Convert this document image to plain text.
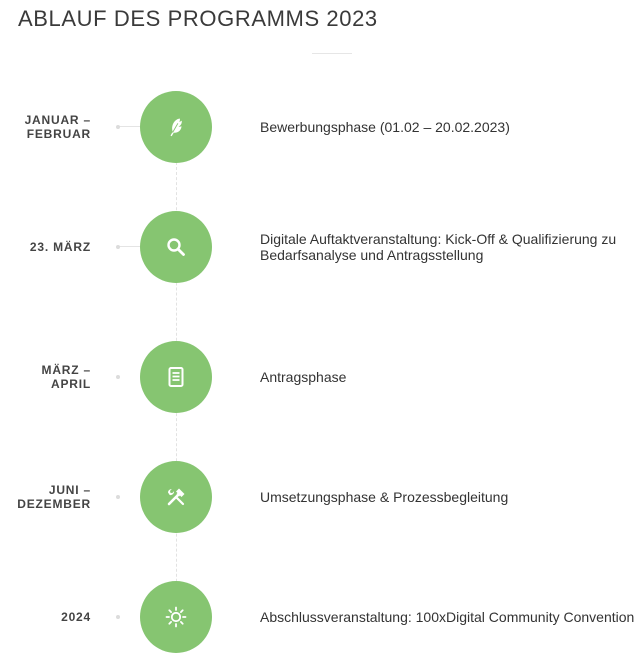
ABLAUF DES PROGRAMMS 2023
JANUAR –
FEBRUAR	Bewerbungsphase (01.02 – 20.02.2023)
23. MÄRZ	Digitale Auftaktveranstaltung: Kick-Off & Qualifizierung zu Bedarfsanalyse und Antragsstellung
MÄRZ –
APRIL	Antragsphase
JUNI –
DEZEMBER	Umsetzungsphase & Prozessbegleitung
2024	Abschlussveranstaltung: 100xDigital Community Convention
